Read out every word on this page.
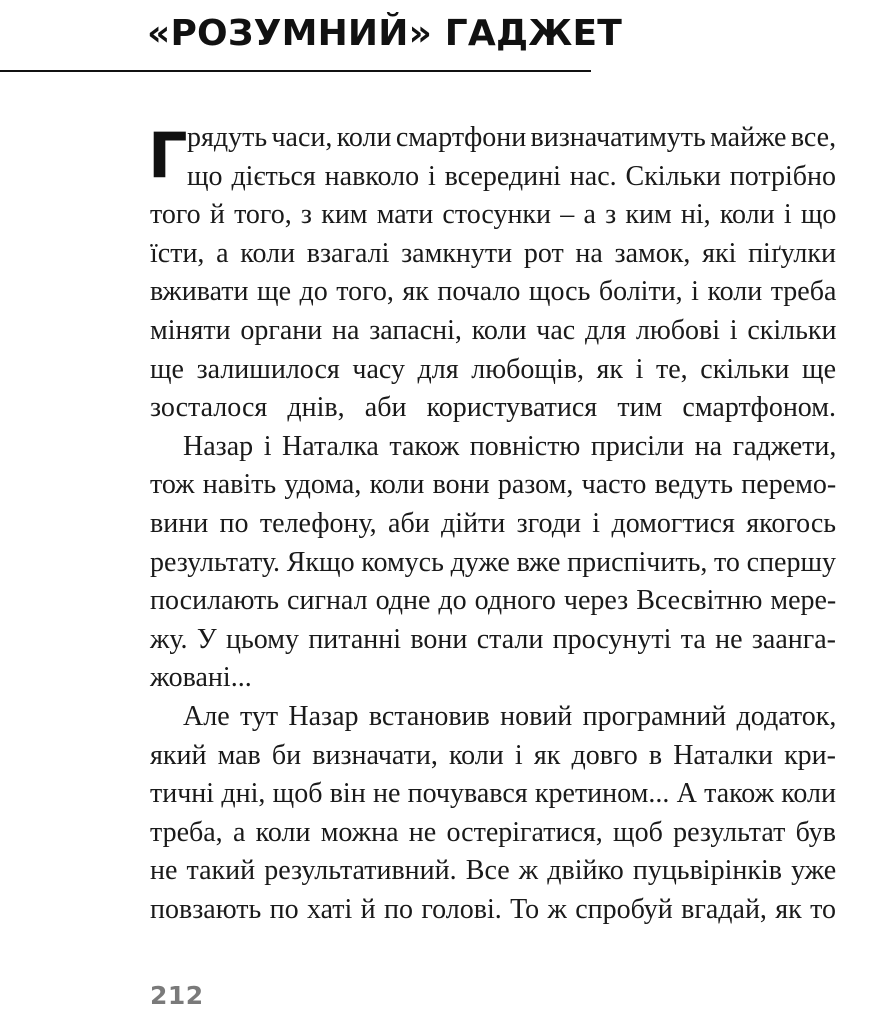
«РОЗУМНИЙ» ГАДЖЕТ
Г рядуть часи, коли смартфони визначатимуть майже все,
що діється навколо і всередині нас. Скільки потрібно
того й того, з ким мати стосунки – а з ким ні, коли і що
їсти, а коли взагалі замкнути рот на замок, які піґулки
вживати ще до того, як почало щось боліти, і коли треба
міняти органи на запасні, коли час для любові і скільки
ще залишилося часу для любощів, як і те, скільки ще
зосталося днів, аби користуватися тим смартфоном.

Назар і Наталка також повністю присіли на гаджети,
тож навіть удома, коли вони разом, часто ведуть перемо-
вини по телефону, аби дійти згоди і домогтися якогось
результату. Якщо комусь дуже вже приспічить, то спершу
посилають сигнал одне до одного через Всесвітню мере-
жу. У цьому питанні вони стали просунуті та не заанга-
жовані...

Але тут Назар встановив новий програмний додаток,
який мав би визначати, коли і як довго в Наталки кри-
тичні дні, щоб він не почувався кретином... А також коли
треба, а коли можна не остерігатися, щоб результат був
не такий результативний. Все ж двійко пуцьвірінків уже
повзають по хаті й по голові. То ж спробуй вгадай, як то

212
